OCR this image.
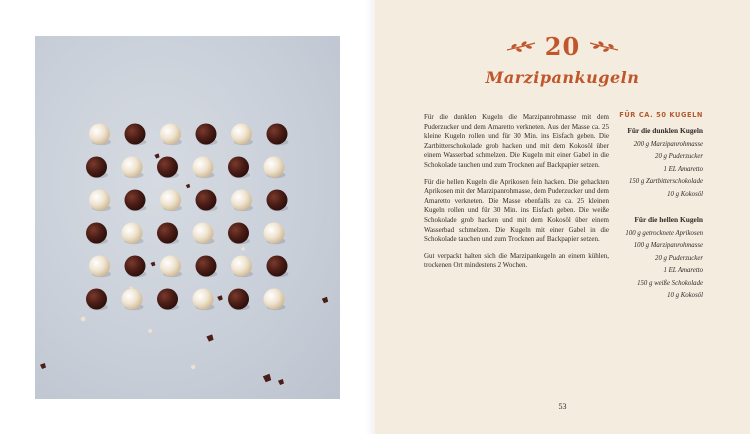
20
Marzipankugeln

Für die dunklen Kugeln die Marzipanrohmasse mit dem Puderzucker und dem Amaretto verkneten. Aus der Masse ca. 25 kleine Kugeln rollen und für 30 Min. ins Eisfach geben. Die Zartbitterschokolade grob hacken und mit dem Kokosöl über einem Wasserbad schmelzen. Die Kugeln mit einer Gabel in die Schokolade tauchen und zum Trocknen auf Backpapier setzen.

Für die hellen Kugeln die Aprikosen fein hacken. Die gehackten Aprikosen mit der Marzipanrohmasse, dem Puderzucker und dem Amaretto verkneten. Die Masse ebenfalls zu ca. 25 kleinen Kugeln rollen und für 30 Min. ins Eisfach geben. Die weiße Schokolade grob hacken und mit dem Kokosöl über einem Wasserbad schmelzen. Die Kugeln mit einer Gabel in die Schokolade tauchen und zum Trocknen auf Backpapier setzen.

Gut verpackt halten sich die Marzipankugeln an einem kühlen, trockenen Ort mindestens 2 Wochen.

FÜR CA. 50 KUGELN
Für die dunklen Kugeln
200 g Marzipanrohmasse
20 g Puderzucker
1 EL Amaretto
150 g Zartbitterschokolade
10 g Kokosöl
Für die hellen Kugeln
100 g getrocknete Aprikosen
100 g Marzipanrohmasse
20 g Puderzucker
1 EL Amaretto
150 g weiße Schokolade
10 g Kokosöl
53
